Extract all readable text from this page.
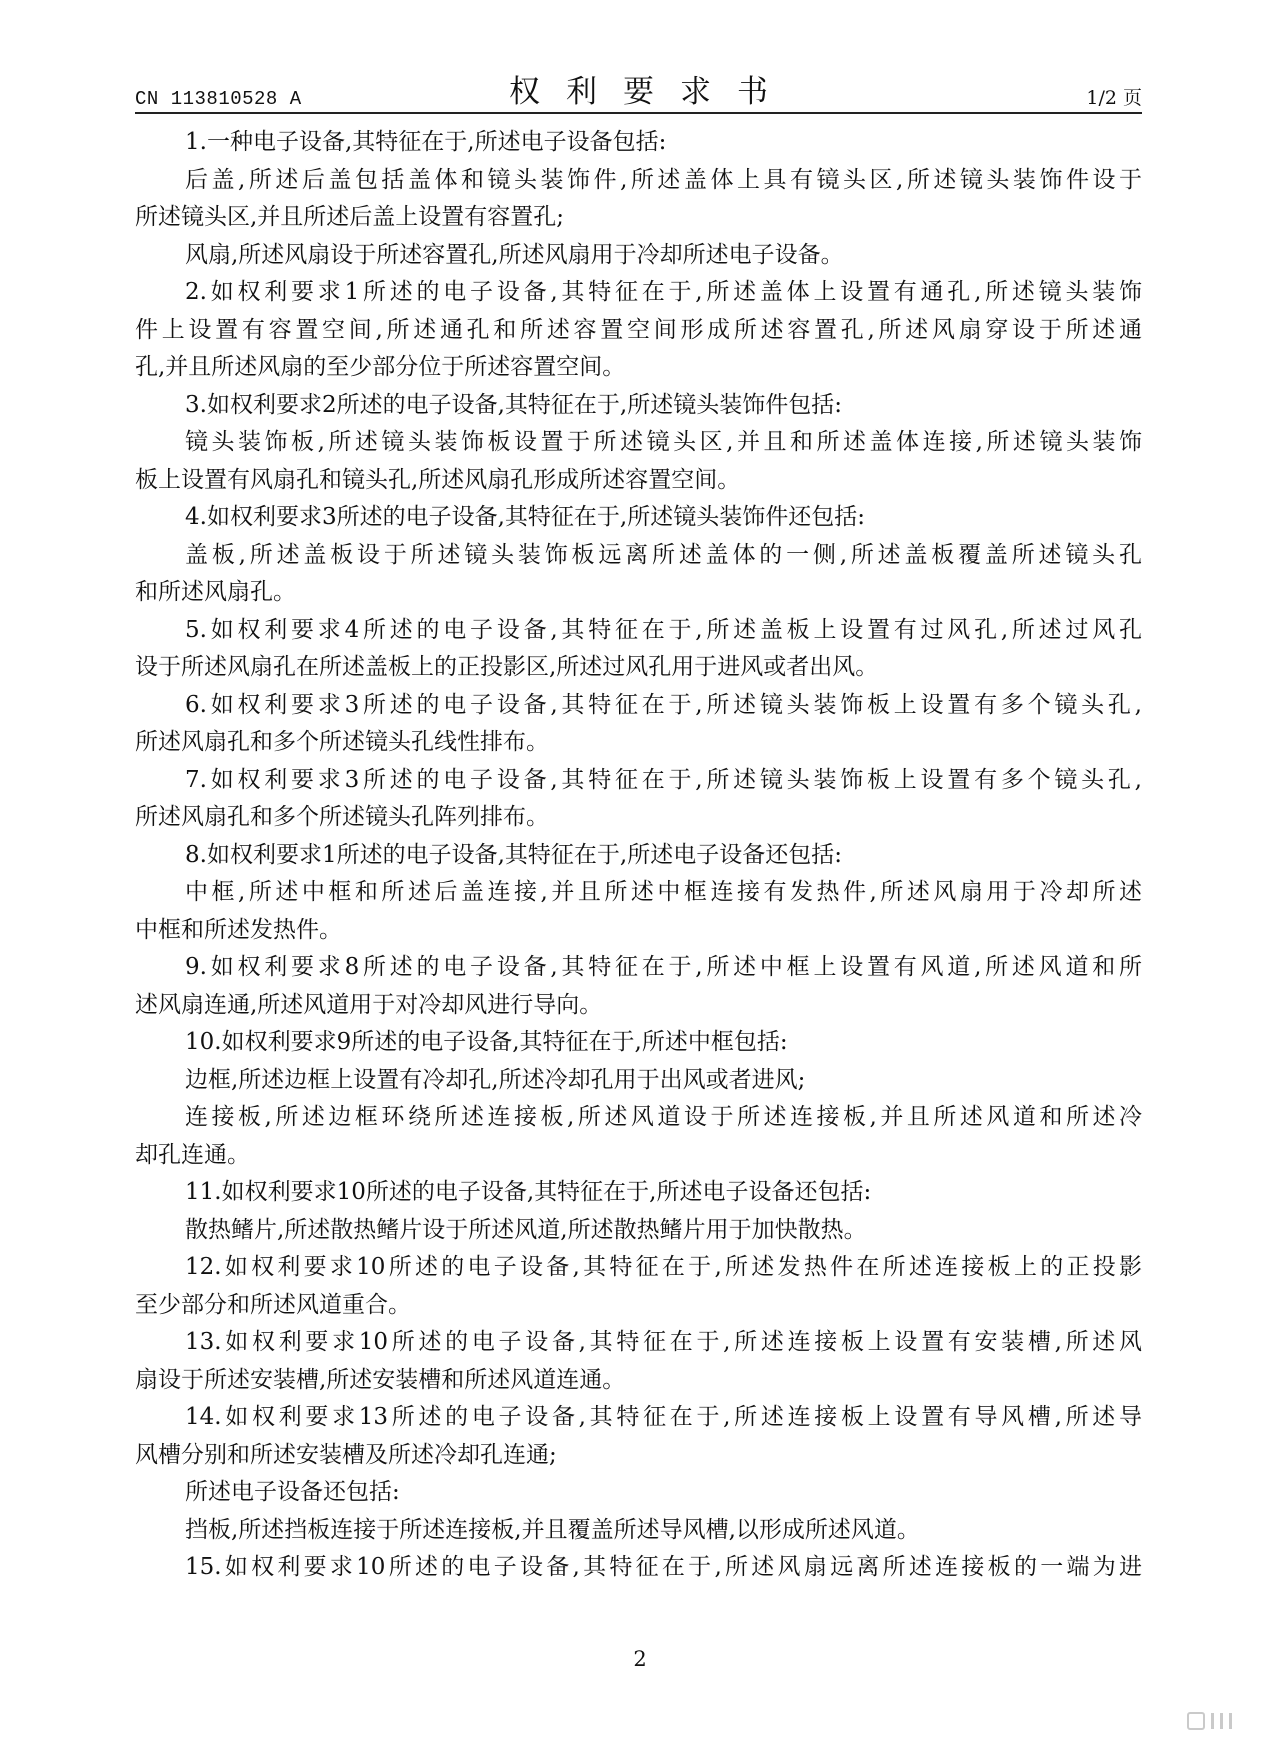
CN 113810528 A	权利要求书	1/2 页
1.一种电子设备,其特征在于,所述电子设备包括:
后盖,所述后盖包括盖体和镜头装饰件,所述盖体上具有镜头区,所述镜头装饰件设于
所述镜头区,并且所述后盖上设置有容置孔;
风扇,所述风扇设于所述容置孔,所述风扇用于冷却所述电子设备。
2.如权利要求1所述的电子设备,其特征在于,所述盖体上设置有通孔,所述镜头装饰
件上设置有容置空间,所述通孔和所述容置空间形成所述容置孔,所述风扇穿设于所述通
孔,并且所述风扇的至少部分位于所述容置空间。
3.如权利要求2所述的电子设备,其特征在于,所述镜头装饰件包括:
镜头装饰板,所述镜头装饰板设置于所述镜头区,并且和所述盖体连接,所述镜头装饰
板上设置有风扇孔和镜头孔,所述风扇孔形成所述容置空间。
4.如权利要求3所述的电子设备,其特征在于,所述镜头装饰件还包括:
盖板,所述盖板设于所述镜头装饰板远离所述盖体的一侧,所述盖板覆盖所述镜头孔
和所述风扇孔。
5.如权利要求4所述的电子设备,其特征在于,所述盖板上设置有过风孔,所述过风孔
设于所述风扇孔在所述盖板上的正投影区,所述过风孔用于进风或者出风。
6.如权利要求3所述的电子设备,其特征在于,所述镜头装饰板上设置有多个镜头孔,
所述风扇孔和多个所述镜头孔线性排布。
7.如权利要求3所述的电子设备,其特征在于,所述镜头装饰板上设置有多个镜头孔,
所述风扇孔和多个所述镜头孔阵列排布。
8.如权利要求1所述的电子设备,其特征在于,所述电子设备还包括:
中框,所述中框和所述后盖连接,并且所述中框连接有发热件,所述风扇用于冷却所述
中框和所述发热件。
9.如权利要求8所述的电子设备,其特征在于,所述中框上设置有风道,所述风道和所
述风扇连通,所述风道用于对冷却风进行导向。
10.如权利要求9所述的电子设备,其特征在于,所述中框包括:
边框,所述边框上设置有冷却孔,所述冷却孔用于出风或者进风;
连接板,所述边框环绕所述连接板,所述风道设于所述连接板,并且所述风道和所述冷
却孔连通。
11.如权利要求10所述的电子设备,其特征在于,所述电子设备还包括:
散热鳍片,所述散热鳍片设于所述风道,所述散热鳍片用于加快散热。
12.如权利要求10所述的电子设备,其特征在于,所述发热件在所述连接板上的正投影
至少部分和所述风道重合。
13.如权利要求10所述的电子设备,其特征在于,所述连接板上设置有安装槽,所述风
扇设于所述安装槽,所述安装槽和所述风道连通。
14.如权利要求13所述的电子设备,其特征在于,所述连接板上设置有导风槽,所述导
风槽分别和所述安装槽及所述冷却孔连通;
所述电子设备还包括:
挡板,所述挡板连接于所述连接板,并且覆盖所述导风槽,以形成所述风道。
15.如权利要求10所述的电子设备,其特征在于,所述风扇远离所述连接板的一端为进
2
